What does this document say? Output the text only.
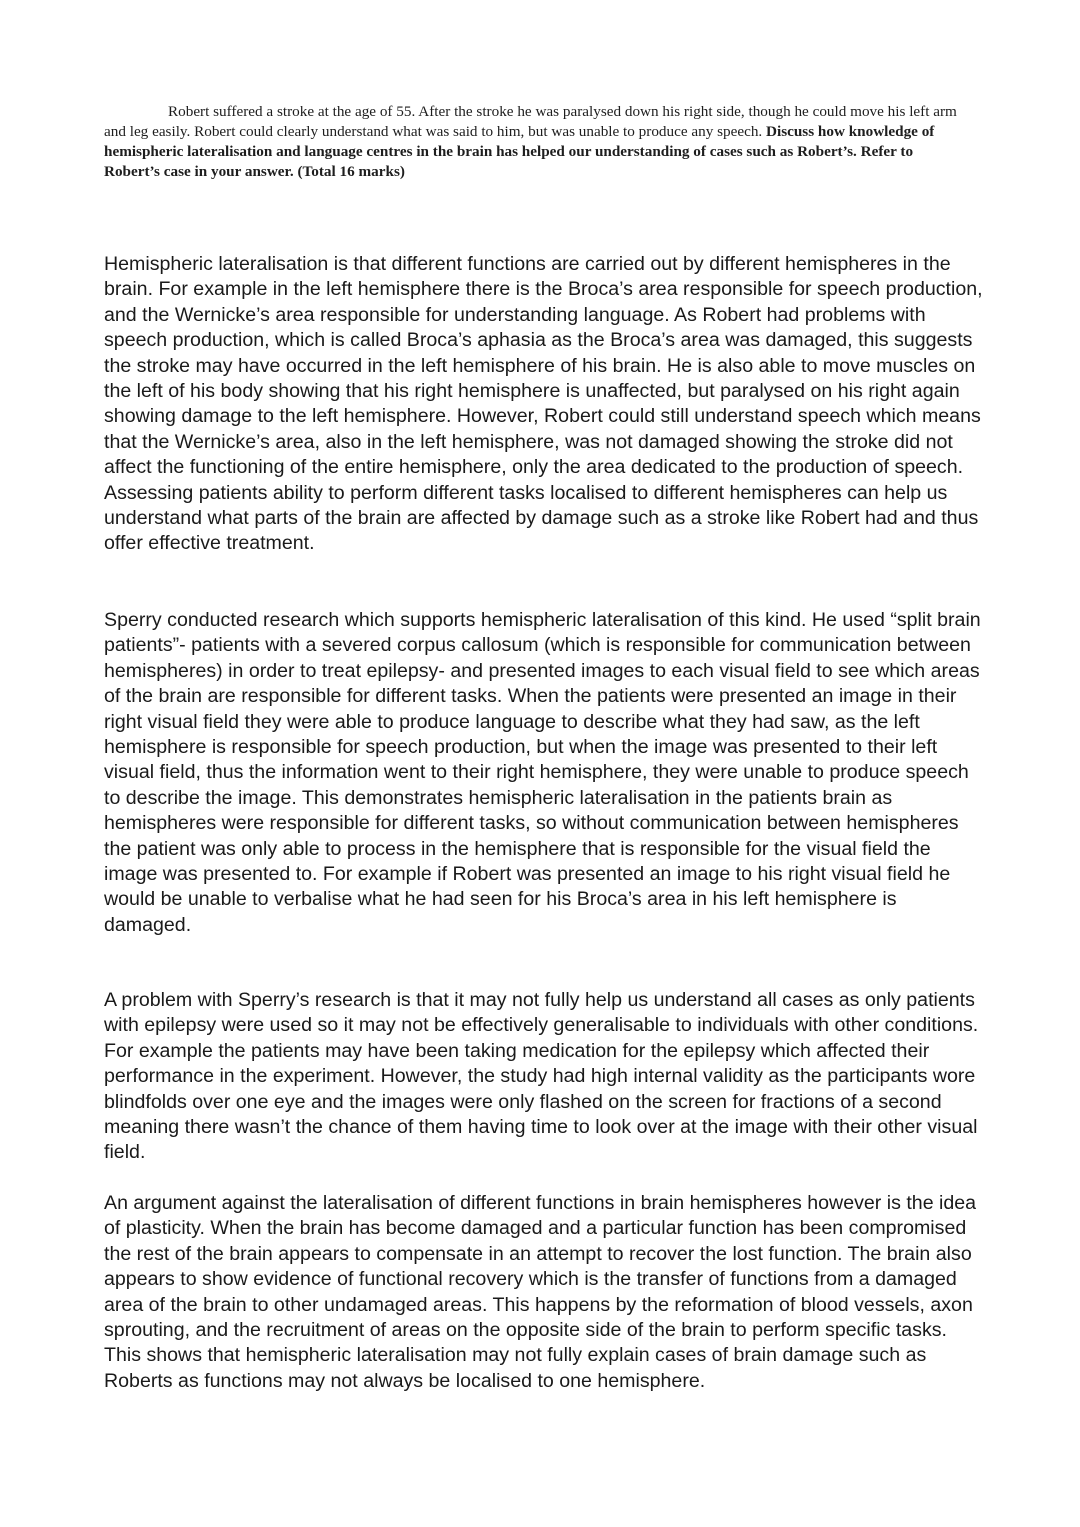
Robert suffered a stroke at the age of 55. After the stroke he was paralysed down his right side, though he could move his left arm and leg easily. Robert could clearly understand what was said to him, but was unable to produce any speech. Discuss how knowledge of hemispheric lateralisation and language centres in the brain has helped our understanding of cases such as Robert’s. Refer to Robert’s case in your answer. (Total 16 marks)

Hemispheric lateralisation is that different functions are carried out by different hemispheres in the brain. For example in the left hemisphere there is the Broca’s area responsible for speech production, and the Wernicke’s area responsible for understanding language. As Robert had problems with speech production, which is called Broca’s aphasia as the Broca’s area was damaged, this suggests the stroke may have occurred in the left hemisphere of his brain. He is also able to move muscles on the left of his body showing that his right hemisphere is unaffected, but paralysed on his right again showing damage to the left hemisphere. However, Robert could still understand speech which means that the Wernicke’s area, also in the left hemisphere, was not damaged showing the stroke did not affect the functioning of the entire hemisphere, only the area dedicated to the production of speech. Assessing patients ability to perform different tasks localised to different hemispheres can help us understand what parts of the brain are affected by damage such as a stroke like Robert had and thus offer effective treatment.

Sperry conducted research which supports hemispheric lateralisation of this kind. He used “split brain patients”- patients with a severed corpus callosum (which is responsible for communication between hemispheres) in order to treat epilepsy- and presented images to each visual field to see which areas of the brain are responsible for different tasks. When the patients were presented an image in their right visual field they were able to produce language to describe what they had saw, as the left hemisphere is responsible for speech production, but when the image was presented to their left visual field, thus the information went to their right hemisphere, they were unable to produce speech to describe the image. This demonstrates hemispheric lateralisation in the patients brain as hemispheres were responsible for different tasks, so without communication between hemispheres the patient was only able to process in the hemisphere that is responsible for the visual field the image was presented to. For example if Robert was presented an image to his right visual field he would be unable to verbalise what he had seen for his Broca’s area in his left hemisphere is damaged.

A problem with Sperry’s research is that it may not fully help us understand all cases as only patients with epilepsy were used so it may not be effectively generalisable to individuals with other conditions. For example the patients may have been taking medication for the epilepsy which affected their performance in the experiment. However, the study had high internal validity as the participants wore blindfolds over one eye and the images were only flashed on the screen for fractions of a second meaning there wasn’t the chance of them having time to look over at the image with their other visual field.

An argument against the lateralisation of different functions in brain hemispheres however is the idea of plasticity. When the brain has become damaged and a particular function has been compromised the rest of the brain appears to compensate in an attempt to recover the lost function. The brain also appears to show evidence of functional recovery which is the transfer of functions from a damaged area of the brain to other undamaged areas. This happens by the reformation of blood vessels, axon sprouting, and the recruitment of areas on the opposite side of the brain to perform specific tasks. This shows that hemispheric lateralisation may not fully explain cases of brain damage such as Roberts as functions may not always be localised to one hemisphere.
